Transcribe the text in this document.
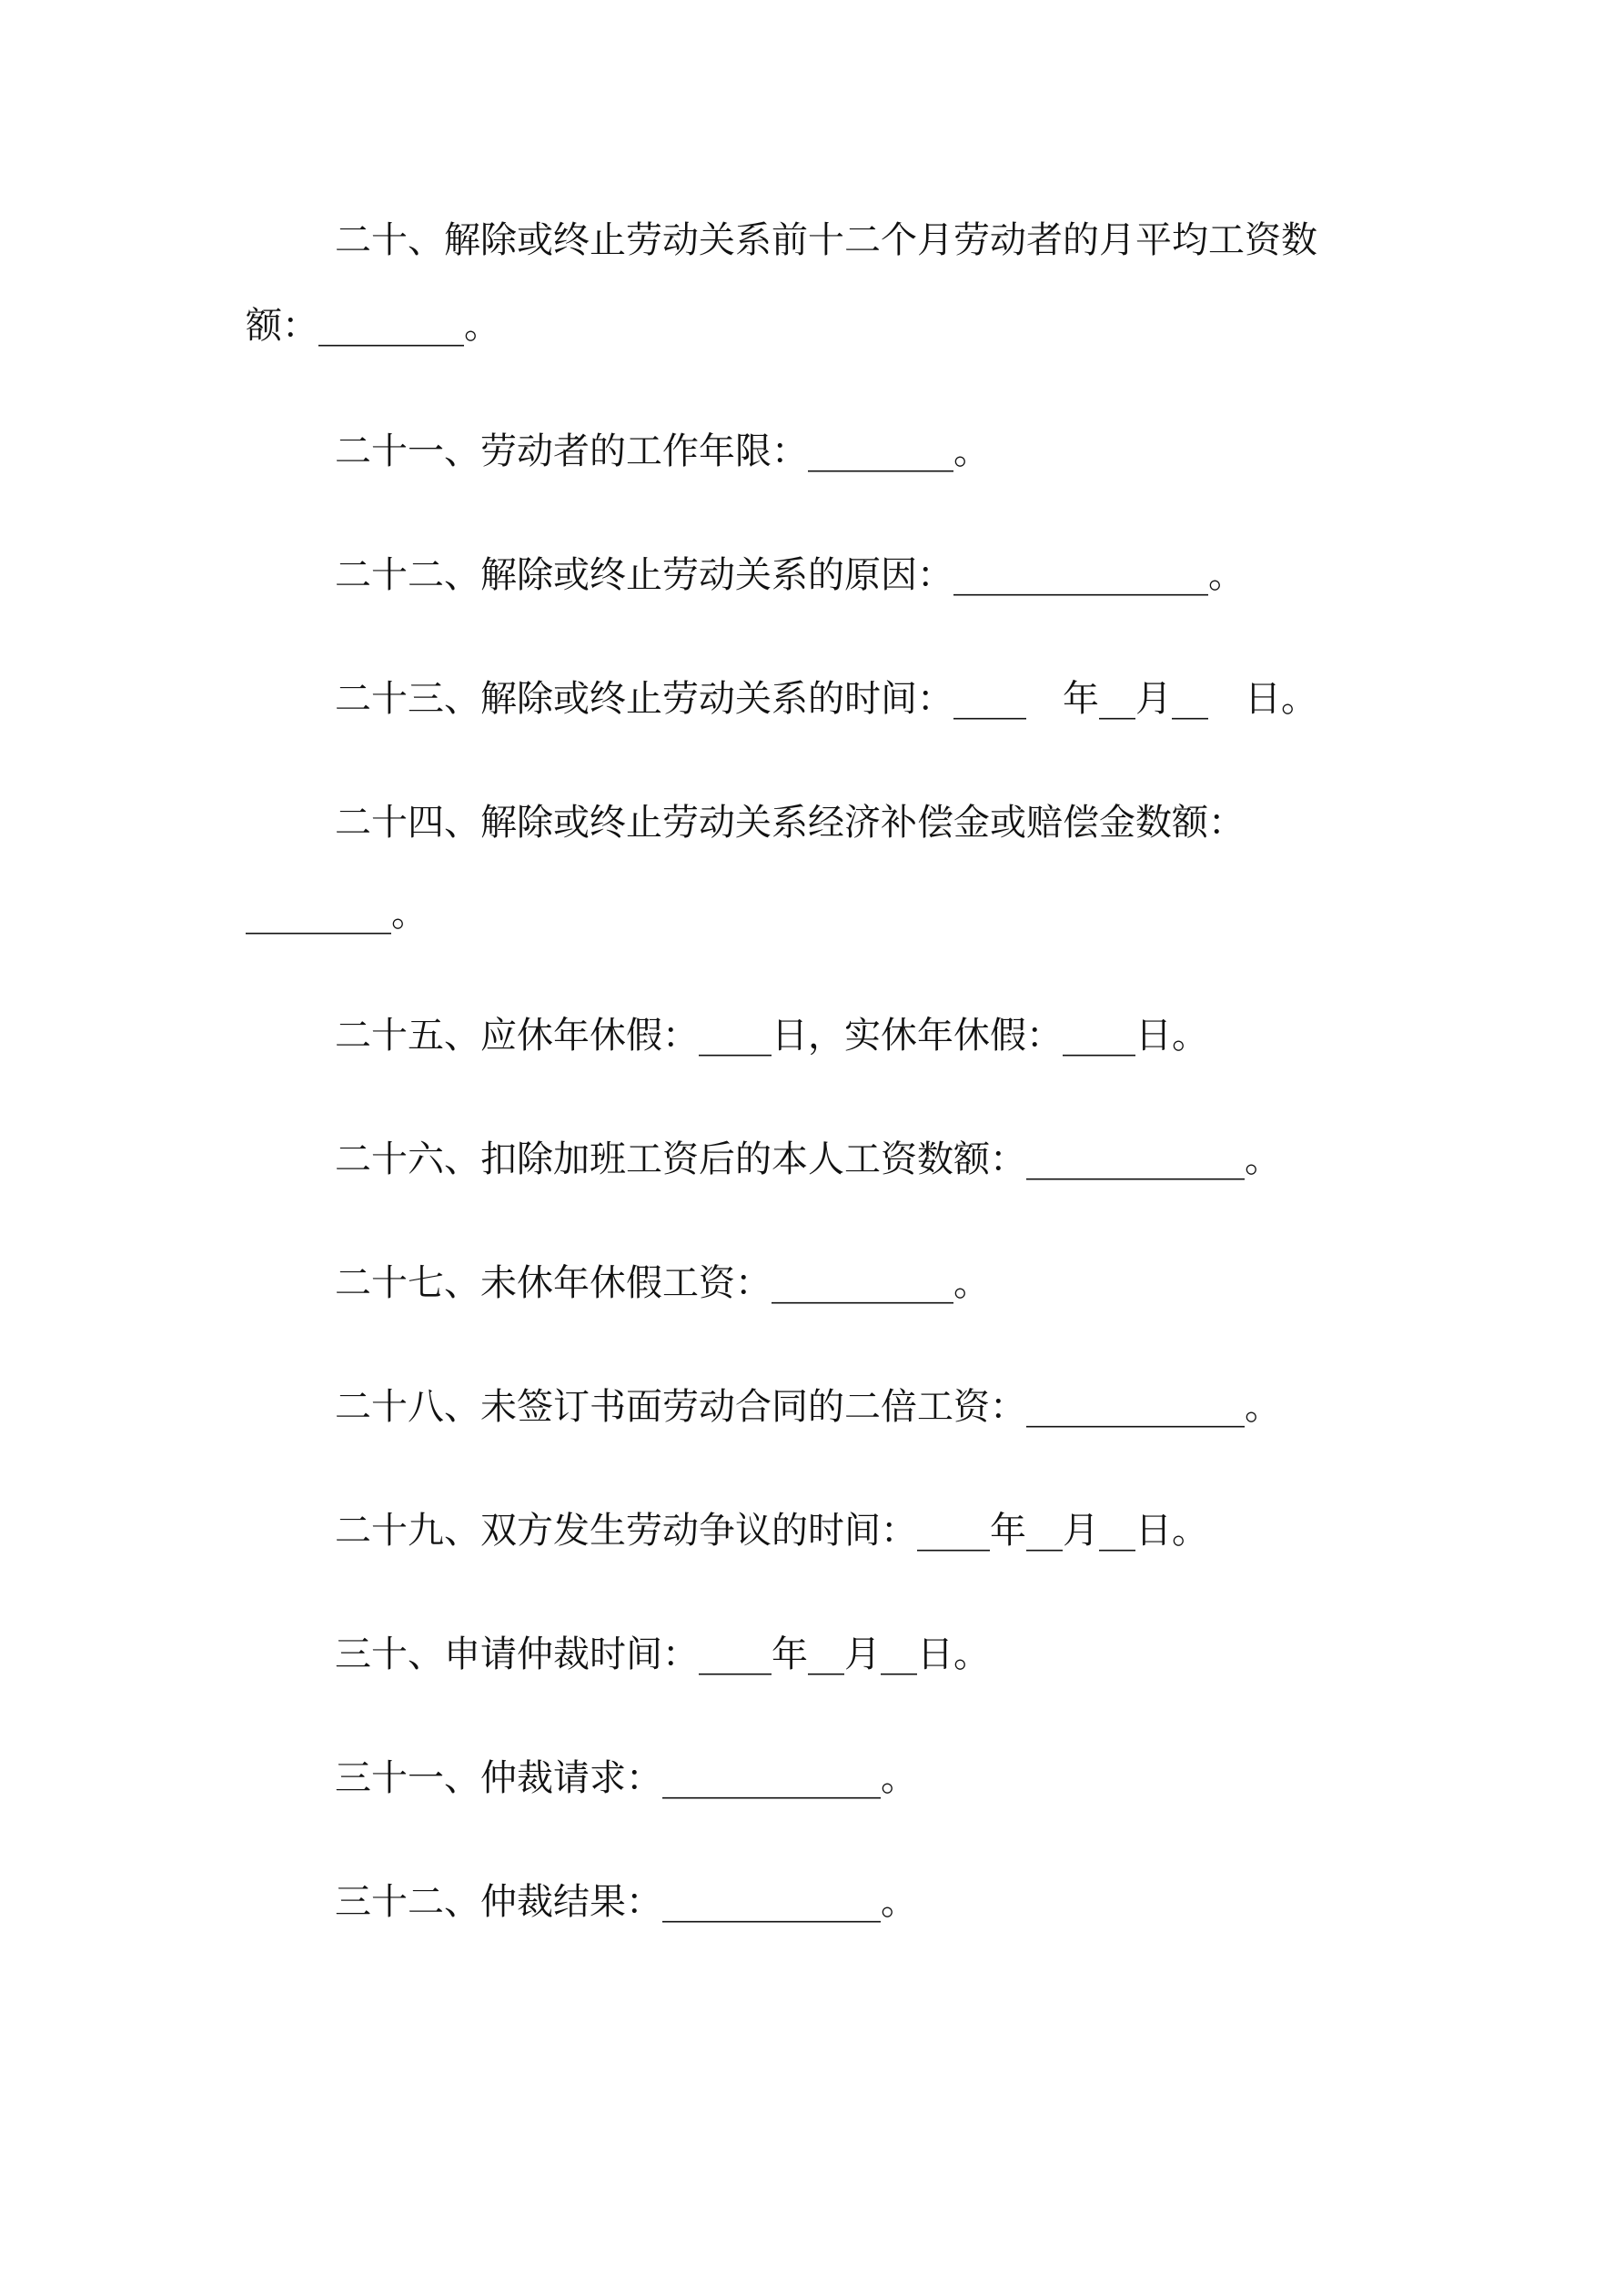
二十、解除或终止劳动关系前十二个月劳动者的月平均工资数
额：________。
二十一、劳动者的工作年限：________。
二十二、解除或终止劳动关系的原因：______________。
二十三、解除或终止劳动关系的时间：____　年__月__　日。
二十四、解除或终止劳动关系经济补偿金或赔偿金数额：
________。
二十五、应休年休假：____日，实休年休假：____日。
二十六、扣除加班工资后的本人工资数额：____________。
二十七、未休年休假工资：__________。
二十八、未签订书面劳动合同的二倍工资：____________。
二十九、双方发生劳动争议的时间：____年__月__日。
三十、申请仲裁时间：____年__月__日。
三十一、仲裁请求：____________。
三十二、仲裁结果：____________。
